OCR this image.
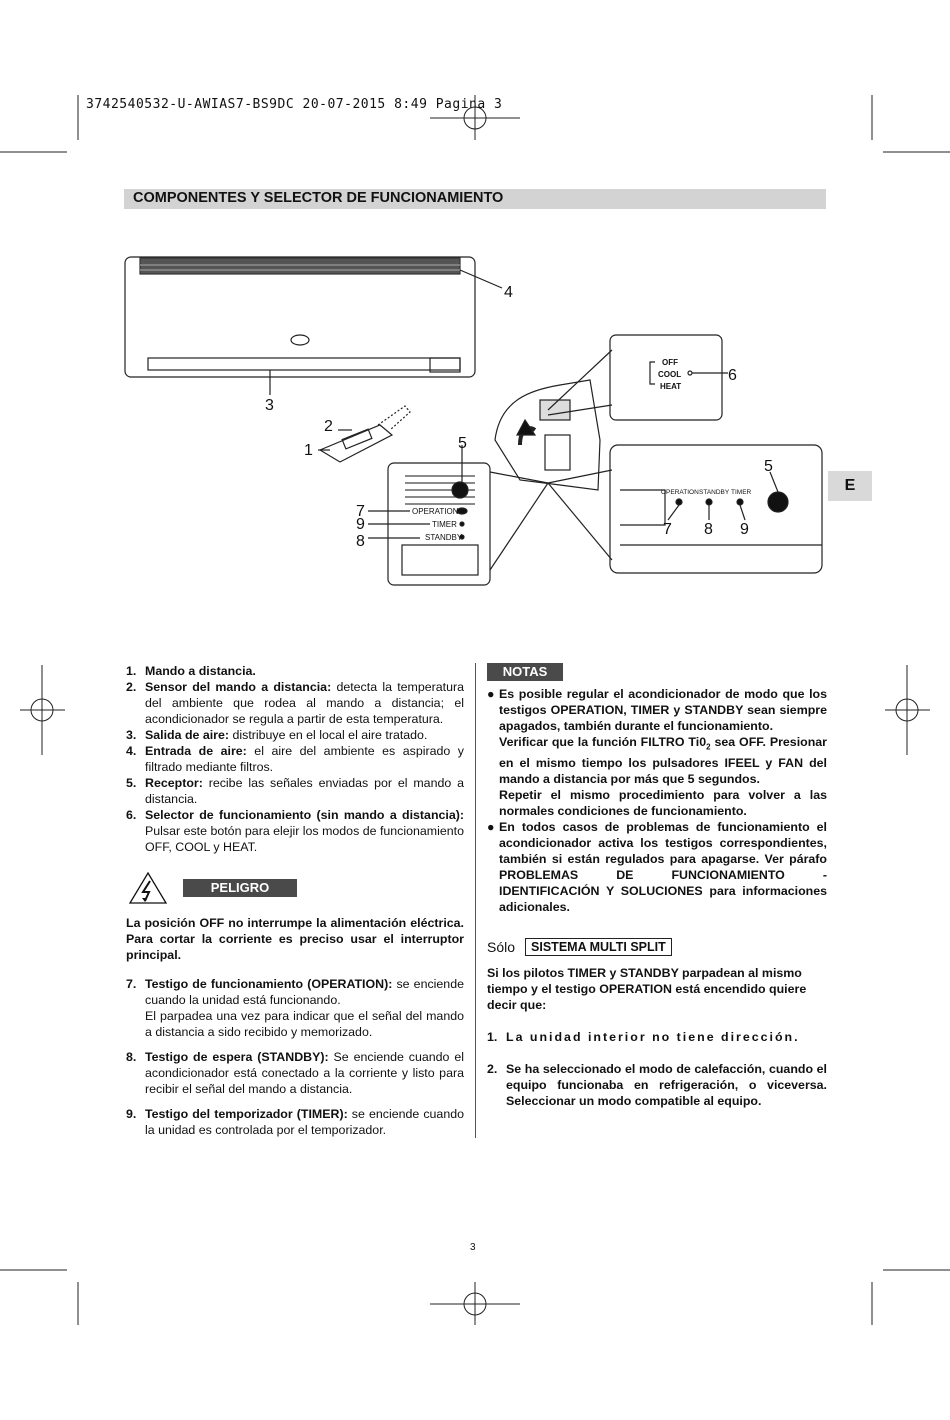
3742540532-U-AWIAS7-BS9DC 20-07-2015 8:49 Pagina 3
COMPONENTES Y SELECTOR DE FUNCIONAMIENTO
E
1
2
3
4
5
5
6
7
9
8
7 8 9
OPERATION
TIMER
STANDBY
OFF
COOL
HEAT
OPERATION STANDBY TIMER
1. Mando a distancia.
2. Sensor del mando a distancia: detecta la temperatura del ambiente que rodea al mando a distancia; el acondicionador se regula a partir de esta temperatura.
3. Salida de aire: distribuye en el local el aire tratado.
4. Entrada de aire: el aire del ambiente es aspirado y filtrado mediante filtros.
5. Receptor: recibe las señales enviadas por el mando a distancia.
6. Selector de funcionamiento (sin mando a distancia): Pulsar este botón para elejir los modos de funcionamiento OFF, COOL y HEAT.
PELIGRO

La posición OFF no interrumpe la alimentación eléctrica. Para cortar la corriente es preciso usar el interruptor principal.

7. Testigo de funcionamiento (OPERATION): se enciende cuando la unidad está funcionando.
El parpadea una vez para indicar que el señal del mando a distancia a sido recibido y memorizado.
8. Testigo de espera (STANDBY): Se enciende cuando el acondicionador está conectado a la corriente y listo para recibir el señal del mando a distancia.
9. Testigo del temporizador (TIMER): se enciende cuando la unidad es controlada por el temporizador.
NOTAS
● Es posible regular el acondicionador de modo que los testigos OPERATION, TIMER y STANDBY sean siempre apagados, también durante el funcionamiento.
Verificar que la función FILTRO $Ti0_2$ sea OFF. Presionar en el mismo tiempo los pulsadores IFEEL y FAN del mando a distancia por más que 5 segundos.
Repetir el mismo procedimiento para volver a las normales condiciones de funcionamiento.
● En todos casos de problemas de funcionamiento el acondicionador activa los testigos correspondientes, también si están regulados para apagarse. Ver párafo PROBLEMAS DE FUNCIONAMIENTO - IDENTIFICACIÓN Y SOLUCIONES para informaciones adicionales.
Sólo	SISTEMA MULTI SPLIT

Si los pilotos TIMER y STANDBY parpadean al mismo tiempo y el testigo OPERATION está encendido quiere decir que:

1. La unidad interior no tiene dirección.
2. Se ha seleccionado el modo de calefacción, cuando el equipo funcionaba en refrigeración, o viceversa. Seleccionar un modo compatible al equipo.
3
